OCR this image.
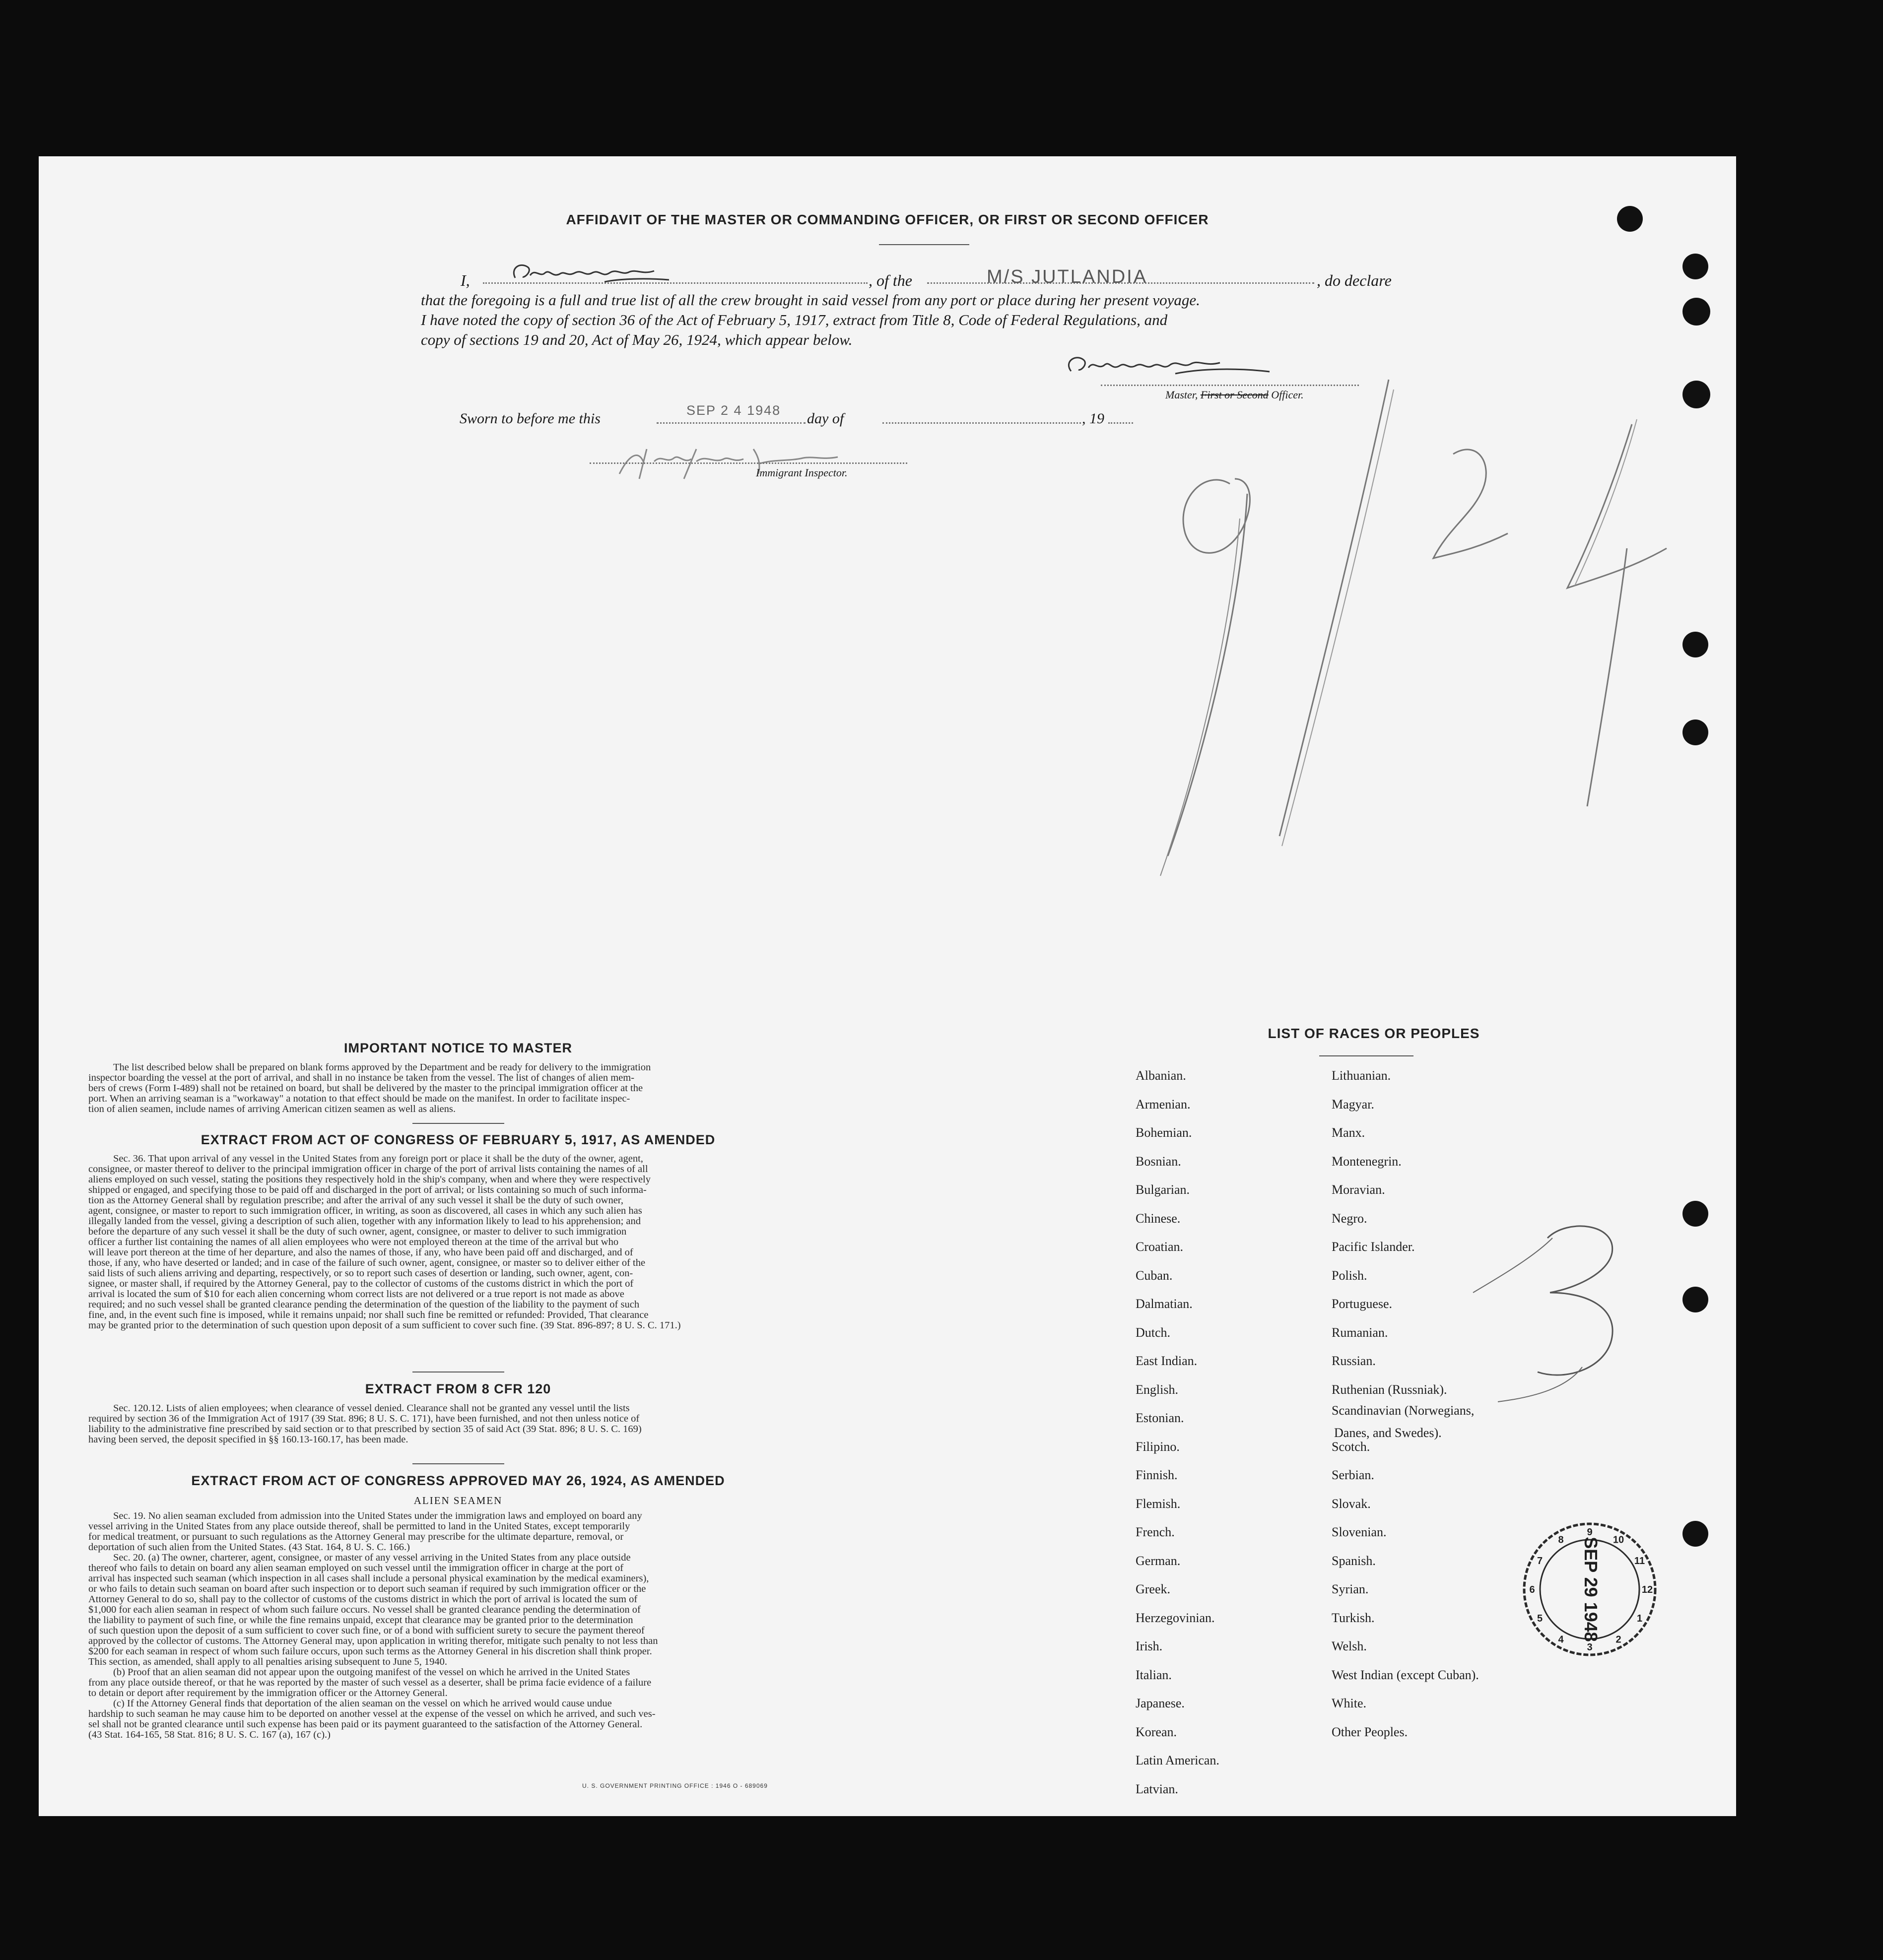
AFFIDAVIT OF THE MASTER OR COMMANDING OFFICER, OR FIRST OR SECOND OFFICER
I,	, of the	M/S JUTLANDIA	, do declare
that the foregoing is a full and true list of all the crew brought in said vessel from any port or place during her present voyage.
I have noted the copy of section 36 of the Act of February 5, 1917, extract from Title 8, Code of Federal Regulations, and
copy of sections 19 and 20, Act of May 26, 1924, which appear below.
Master, First or Second Officer.
Sworn to before me this	SEP 2 4 1948 day of	, 19
Immigrant Inspector.
IMPORTANT NOTICE TO MASTER
The list described below shall be prepared on blank forms approved by the Department and be ready for delivery to the immigration
inspector boarding the vessel at the port of arrival, and shall in no instance be taken from the vessel. The list of changes of alien mem-
bers of crews (Form I-489) shall not be retained on board, but shall be delivered by the master to the principal immigration officer at the
port. When an arriving seaman is a "workaway" a notation to that effect should be made on the manifest. In order to facilitate inspec-
tion of alien seamen, include names of arriving American citizen seamen as well as aliens.
EXTRACT FROM ACT OF CONGRESS OF FEBRUARY 5, 1917, AS AMENDED
Sec. 36. That upon arrival of any vessel in the United States from any foreign port or place it shall be the duty of the owner, agent,
consignee, or master thereof to deliver to the principal immigration officer in charge of the port of arrival lists containing the names of all
aliens employed on such vessel, stating the positions they respectively hold in the ship's company, when and where they were respectively
shipped or engaged, and specifying those to be paid off and discharged in the port of arrival; or lists containing so much of such informa-
tion as the Attorney General shall by regulation prescribe; and after the arrival of any such vessel it shall be the duty of such owner,
agent, consignee, or master to report to such immigration officer, in writing, as soon as discovered, all cases in which any such alien has
illegally landed from the vessel, giving a description of such alien, together with any information likely to lead to his apprehension; and
before the departure of any such vessel it shall be the duty of such owner, agent, consignee, or master to deliver to such immigration
officer a further list containing the names of all alien employees who were not employed thereon at the time of the arrival but who
will leave port thereon at the time of her departure, and also the names of those, if any, who have been paid off and discharged, and of
those, if any, who have deserted or landed; and in case of the failure of such owner, agent, consignee, or master so to deliver either of the
said lists of such aliens arriving and departing, respectively, or so to report such cases of desertion or landing, such owner, agent, con-
signee, or master shall, if required by the Attorney General, pay to the collector of customs of the customs district in which the port of
arrival is located the sum of $10 for each alien concerning whom correct lists are not delivered or a true report is not made as above
required; and no such vessel shall be granted clearance pending the determination of the question of the liability to the payment of such
fine, and, in the event such fine is imposed, while it remains unpaid; nor shall such fine be remitted or refunded: Provided, That clearance
may be granted prior to the determination of such question upon deposit of a sum sufficient to cover such fine. (39 Stat. 896-897; 8 U. S. C. 171.)
EXTRACT FROM 8 CFR 120
Sec. 120.12. Lists of alien employees; when clearance of vessel denied. Clearance shall not be granted any vessel until the lists
required by section 36 of the Immigration Act of 1917 (39 Stat. 896; 8 U. S. C. 171), have been furnished, and not then unless notice of
liability to the administrative fine prescribed by said section or to that prescribed by section 35 of said Act (39 Stat. 896; 8 U. S. C. 169)
having been served, the deposit specified in §§ 160.13-160.17, has been made.
EXTRACT FROM ACT OF CONGRESS APPROVED MAY 26, 1924, AS AMENDED
ALIEN SEAMEN
Sec. 19. No alien seaman excluded from admission into the United States under the immigration laws and employed on board any
vessel arriving in the United States from any place outside thereof, shall be permitted to land in the United States, except temporarily
for medical treatment, or pursuant to such regulations as the Attorney General may prescribe for the ultimate departure, removal, or
deportation of such alien from the United States. (43 Stat. 164, 8 U. S. C. 166.)
Sec. 20. (a) The owner, charterer, agent, consignee, or master of any vessel arriving in the United States from any place outside
thereof who fails to detain on board any alien seaman employed on such vessel until the immigration officer in charge at the port of
arrival has inspected such seaman (which inspection in all cases shall include a personal physical examination by the medical examiners),
or who fails to detain such seaman on board after such inspection or to deport such seaman if required by such immigration officer or the
Attorney General to do so, shall pay to the collector of customs of the customs district in which the port of arrival is located the sum of
$1,000 for each alien seaman in respect of whom such failure occurs. No vessel shall be granted clearance pending the determination of
the liability to payment of such fine, or while the fine remains unpaid, except that clearance may be granted prior to the determination
of such question upon the deposit of a sum sufficient to cover such fine, or of a bond with sufficient surety to secure the payment thereof
approved by the collector of customs. The Attorney General may, upon application in writing therefor, mitigate such penalty to not less than
$200 for each seaman in respect of whom such failure occurs, upon such terms as the Attorney General in his discretion shall think proper.
This section, as amended, shall apply to all penalties arising subsequent to June 5, 1940.
(b) Proof that an alien seaman did not appear upon the outgoing manifest of the vessel on which he arrived in the United States
from any place outside thereof, or that he was reported by the master of such vessel as a deserter, shall be prima facie evidence of a failure
to detain or deport after requirement by the immigration officer or the Attorney General.
(c) If the Attorney General finds that deportation of the alien seaman on the vessel on which he arrived would cause undue
hardship to such seaman he may cause him to be deported on another vessel at the expense of the vessel on which he arrived, and such ves-
sel shall not be granted clearance until such expense has been paid or its payment guaranteed to the satisfaction of the Attorney General.
(43 Stat. 164-165, 58 Stat. 816; 8 U. S. C. 167 (a), 167 (c).)
U. S. GOVERNMENT PRINTING OFFICE : 1946 O - 689069
LIST OF RACES OR PEOPLES
Albanian.
Armenian.
Bohemian.
Bosnian.
Bulgarian.
Chinese.
Croatian.
Cuban.
Dalmatian.
Dutch.
East Indian.
English.
Estonian.
Filipino.
Finnish.
Flemish.
French.
German.
Greek.
Herzegovinian.
Irish.
Italian.
Japanese.
Korean.
Latin American.
Latvian.
Lithuanian.
Magyar.
Manx.
Montenegrin.
Moravian.
Negro.
Pacific Islander.
Polish.
Portuguese.
Rumanian.
Russian.
Ruthenian (Russniak).
Scandinavian (Norwegians,
Danes, and Swedes).
Scotch.
Serbian.
Slovak.
Slovenian.
Spanish.
Syrian.
Turkish.
Welsh.
West Indian (except Cuban).
White.
Other Peoples.
9
10
11
12
1
2
3
4
5
6
7
8 SEP 29 1948
